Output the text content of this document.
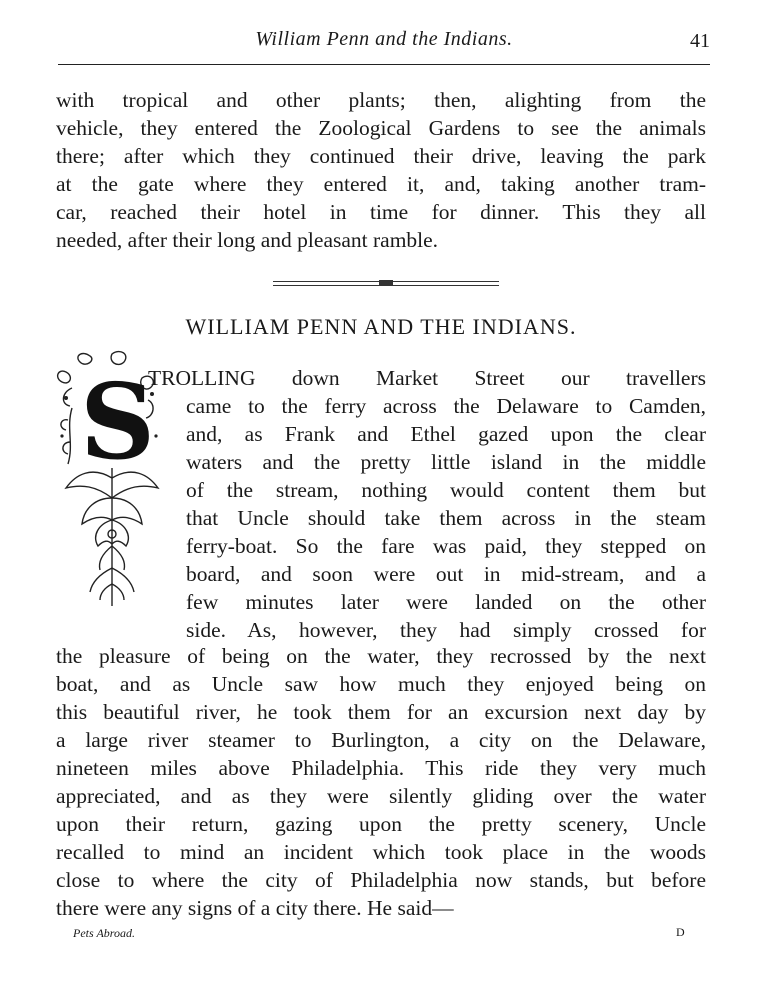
William Penn and the Indians.	41
with tropical and other plants; then, alighting from the
vehicle, they entered the Zoological Gardens to see the animals
there; after which they continued their drive, leaving the park
at the gate where they entered it, and, taking another tram-
car, reached their hotel in time for dinner. This they all
needed, after their long and pleasant ramble.
WILLIAM PENN AND THE INDIANS.
S
TROLLING down Market Street our travellers
came to the ferry across the Delaware to Camden,
and, as Frank and Ethel gazed upon the clear
waters and the pretty little island in the middle
of the stream, nothing would content them but
that Uncle should take them across in the steam
ferry-boat. So the fare was paid, they stepped on
board, and soon were out in mid-stream, and a
few minutes later were landed on the other
side. As, however, they had simply crossed for
the pleasure of being on the water, they recrossed by the next
boat, and as Uncle saw how much they enjoyed being on
this beautiful river, he took them for an excursion next day by
a large river steamer to Burlington, a city on the Delaware,
nineteen miles above Philadelphia. This ride they very much
appreciated, and as they were silently gliding over the water
upon their return, gazing upon the pretty scenery, Uncle
recalled to mind an incident which took place in the woods
close to where the city of Philadelphia now stands, but before
there were any signs of a city there. He said—
Pets Abroad.	D
